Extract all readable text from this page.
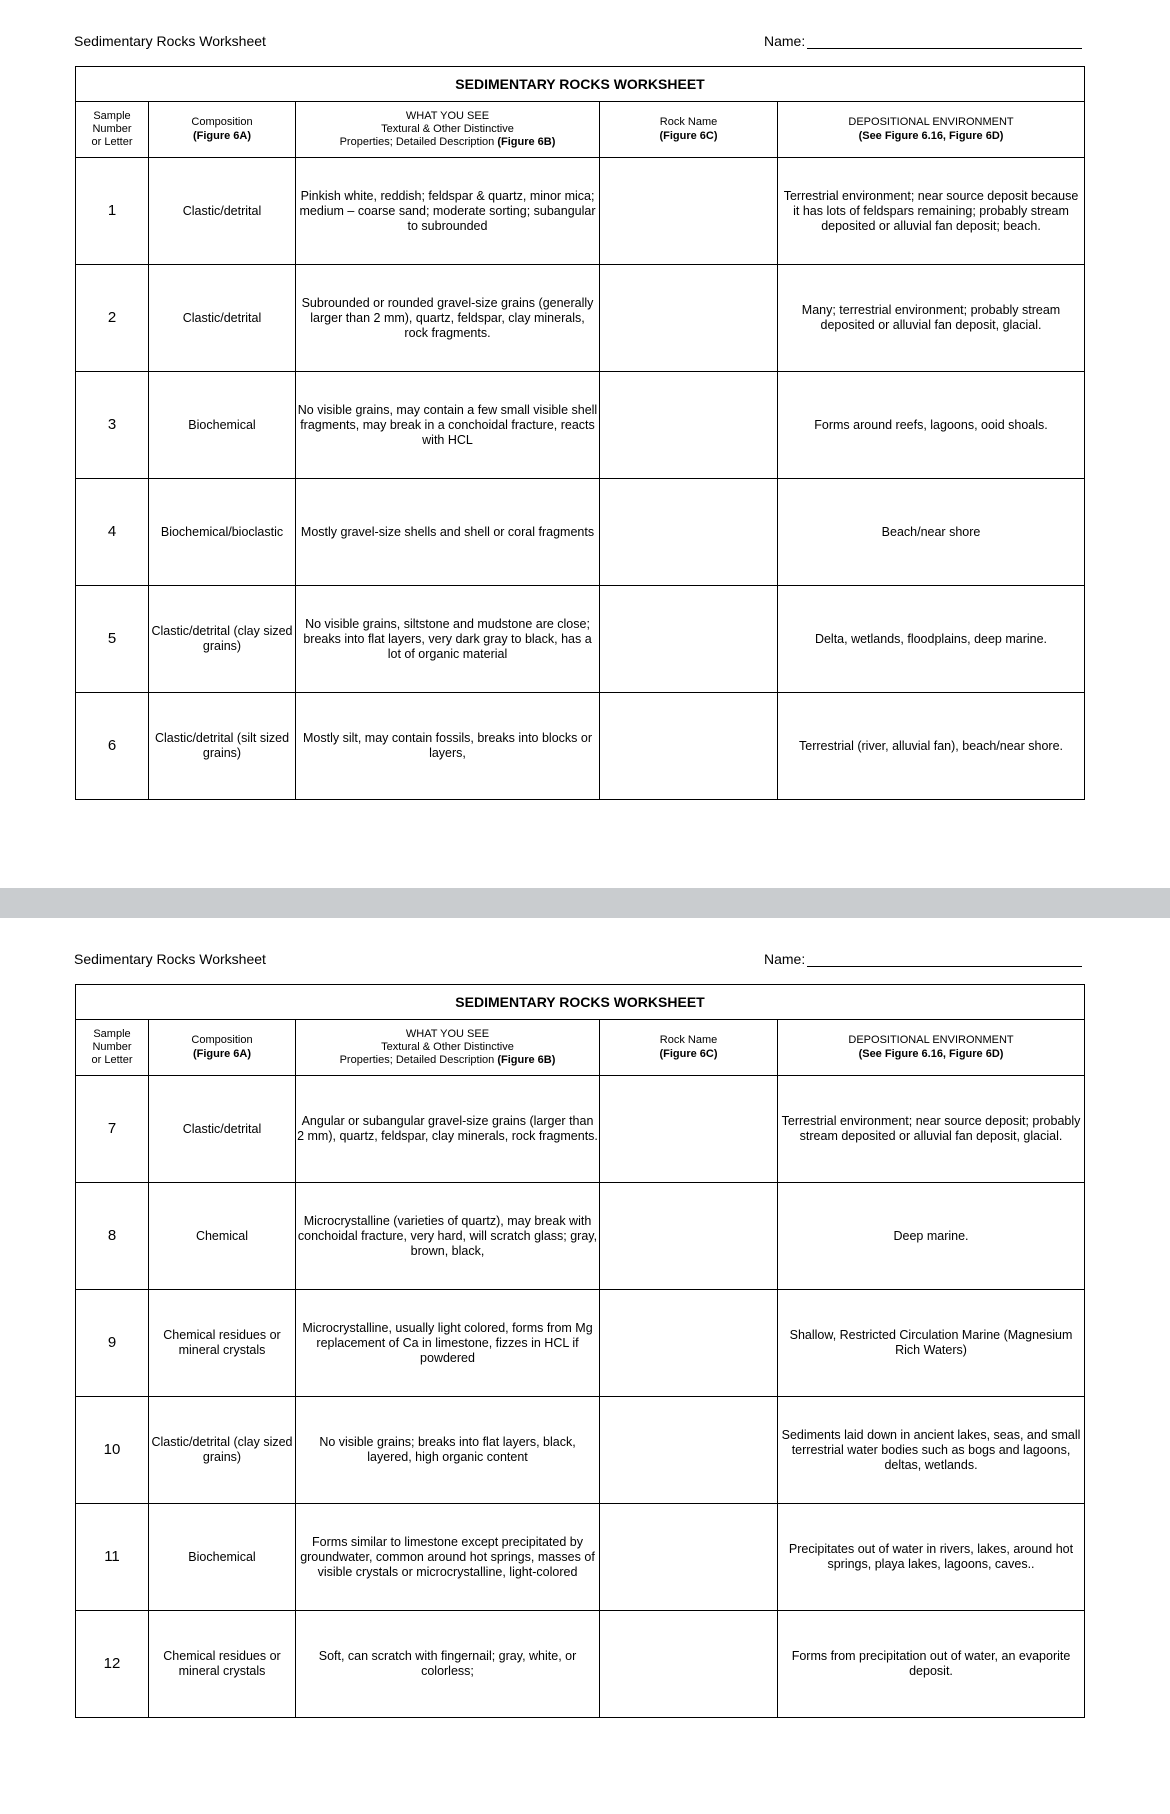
Sedimentary Rocks Worksheet	Name:
SEDIMENTARY ROCKS WORKSHEET				
Sample
Number
or Letter	Composition
(Figure 6A)	WHAT YOU SEE
Textural & Other Distinctive
Properties; Detailed Description (Figure 6B)	Rock Name
(Figure 6C)	DEPOSITIONAL ENVIRONMENT
(See Figure 6.16, Figure 6D)
1	Clastic/detrital	Pinkish white, reddish; feldspar & quartz, minor mica; medium – coarse sand; moderate sorting; subangular to subrounded		Terrestrial environment; near source deposit because it has lots of feldspars remaining; probably stream deposited or alluvial fan deposit; beach.
2	Clastic/detrital	Subrounded or rounded gravel-size grains (generally larger than 2 mm), quartz, feldspar, clay minerals, rock fragments.		Many; terrestrial environment; probably stream deposited or alluvial fan deposit, glacial.
3	Biochemical	No visible grains, may contain a few small visible shell fragments, may break in a conchoidal fracture, reacts with HCL		Forms around reefs, lagoons, ooid shoals.
4	Biochemical/bioclastic	Mostly gravel-size shells and shell or coral fragments		Beach/near shore
5	Clastic/detrital (clay sized grains)	No visible grains, siltstone and mudstone are close; breaks into flat layers, very dark gray to black, has a lot of organic material		Delta, wetlands, floodplains, deep marine.
6	Clastic/detrital (silt sized grains)	Mostly silt, may contain fossils, breaks into blocks or layers,		Terrestrial (river, alluvial fan), beach/near shore.
Sedimentary Rocks Worksheet	Name:
SEDIMENTARY ROCKS WORKSHEET				
Sample
Number
or Letter	Composition
(Figure 6A)	WHAT YOU SEE
Textural & Other Distinctive
Properties; Detailed Description (Figure 6B)	Rock Name
(Figure 6C)	DEPOSITIONAL ENVIRONMENT
(See Figure 6.16, Figure 6D)
7	Clastic/detrital	Angular or subangular gravel-size grains (larger than 2 mm), quartz, feldspar, clay minerals, rock fragments.		Terrestrial environment; near source deposit; probably stream deposited or alluvial fan deposit, glacial.
8	Chemical	Microcrystalline (varieties of quartz), may break with conchoidal fracture, very hard, will scratch glass; gray, brown, black,		Deep marine.
9	Chemical residues or mineral crystals	Microcrystalline, usually light colored, forms from Mg replacement of Ca in limestone, fizzes in HCL if powdered		Shallow, Restricted Circulation Marine (Magnesium Rich Waters)
10	Clastic/detrital (clay sized grains)	No visible grains; breaks into flat layers, black, layered, high organic content		Sediments laid down in ancient lakes, seas, and small terrestrial water bodies such as bogs and lagoons, deltas, wetlands.
11	Biochemical	Forms similar to limestone except precipitated by groundwater, common around hot springs, masses of visible crystals or microcrystalline, light-colored		Precipitates out of water in rivers, lakes, around hot springs, playa lakes, lagoons, caves..
12	Chemical residues or mineral crystals	Soft, can scratch with fingernail; gray, white, or colorless;		Forms from precipitation out of water, an evaporite deposit.
